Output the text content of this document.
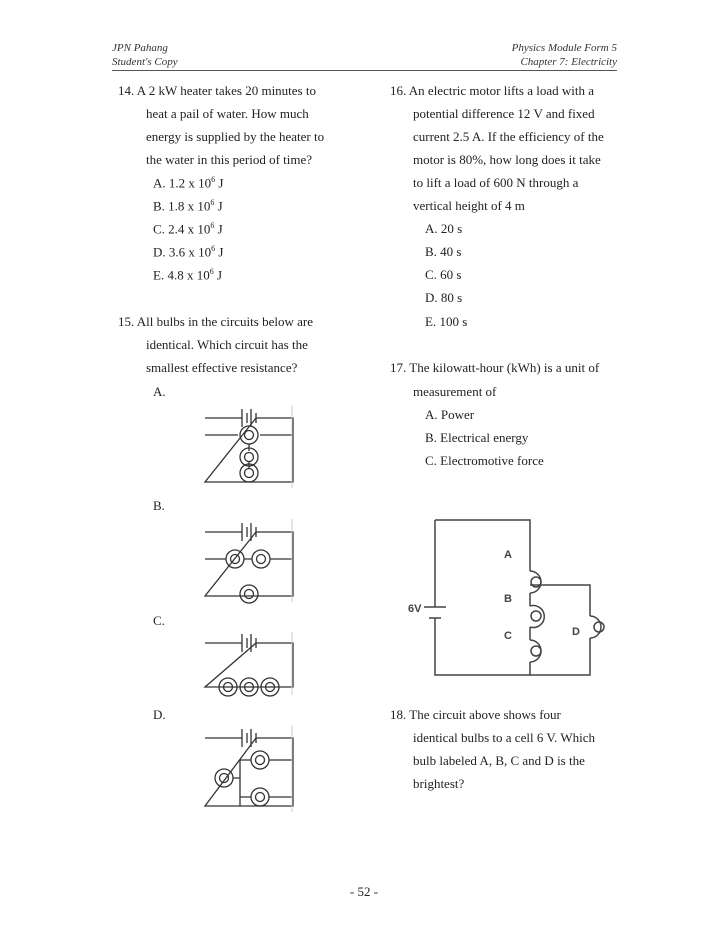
JPN Pahang
Student's Copy
Physics Module Form 5
Chapter 7: Electricity
14. A 2 kW heater takes 20 minutes to
heat a pail of water. How much
energy is supplied by the heater to
the water in this period of time?
A. 1.2 x $10^6$ J
B. 1.8 x $10^6$ J
C. 2.4 x $10^6$ J
D. 3.6 x $10^6$ J
E. 4.8 x $10^6$ J
15. All bulbs in the circuits below are
identical. Which circuit has the
smallest effective resistance?
A.
B.
C.
D.
16. An electric motor lifts a load with a
potential difference 12 V and fixed
current 2.5 A. If the efficiency of the
motor is 80%, how long does it take
to lift a load of 600 N through a
vertical height of 4 m
A. 20 s
B. 40 s
C. 60 s
D. 80 s
E. 100 s
17. The kilowatt-hour (kWh) is a unit of
measurement of
A. Power
B. Electrical energy
C. Electromotive force
6V
A
B
C	D
18. The circuit above shows four
identical bulbs to a cell 6 V. Which
bulb labeled A, B, C and D is the
brightest?
- 52 -
